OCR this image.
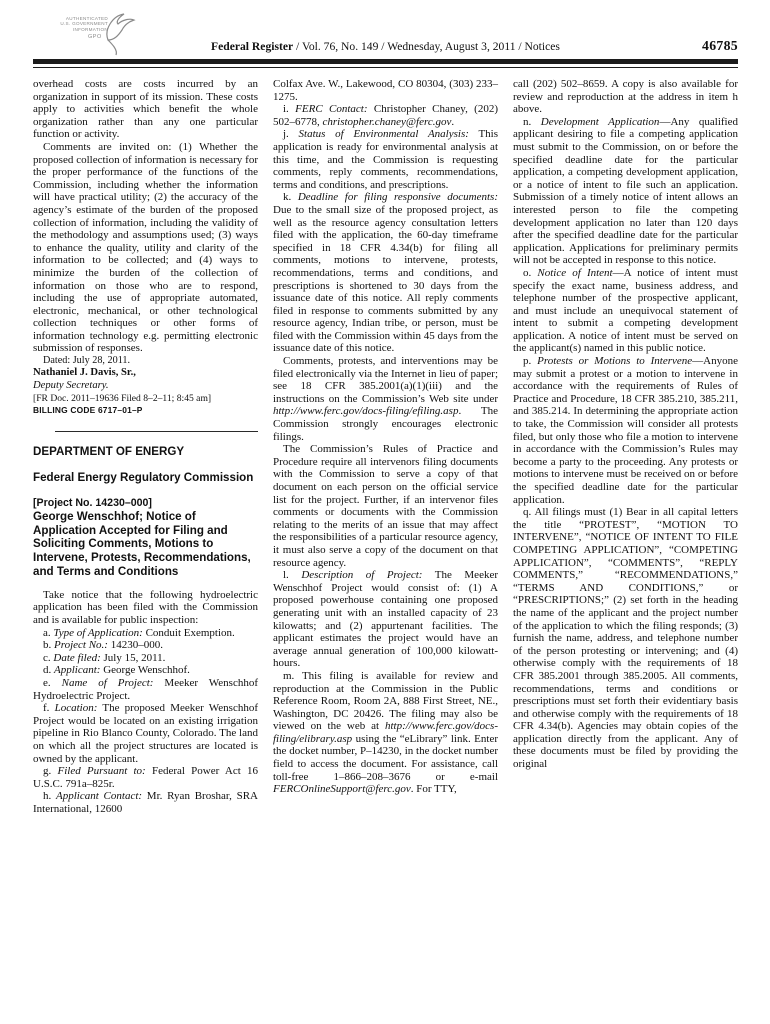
AUTHENTICATED
U.S. GOVERNMENT
INFORMATION
GPO
Federal Register / Vol. 76, No. 149 / Wednesday, August 3, 2011 / Notices	46785

overhead costs are costs incurred by an organization in support of its mission. These costs apply to activities which benefit the whole organization rather than any one particular function or activity.

Comments are invited on: (1) Whether the proposed collection of information is necessary for the proper performance of the functions of the Commission, including whether the information will have practical utility; (2) the accuracy of the agency’s estimate of the burden of the proposed collection of information, including the validity of the methodology and assumptions used; (3) ways to enhance the quality, utility and clarity of the information to be collected; and (4) ways to minimize the burden of the collection of information on those who are to respond, including the use of appropriate automated, electronic, mechanical, or other technological collection techniques or other forms of information technology e.g. permitting electronic submission of responses.

Dated: July 28, 2011.

Nathaniel J. Davis, Sr.,

Deputy Secretary.

[FR Doc. 2011–19636 Filed 8–2–11; 8:45 am]

BILLING CODE 6717–01–P

DEPARTMENT OF ENERGY
Federal Energy Regulatory Commission

[Project No. 14230–000]

George Wenschhof; Notice of Application Accepted for Filing and Soliciting Comments, Motions to Intervene, Protests, Recommendations, and Terms and Conditions

Take notice that the following hydroelectric application has been filed with the Commission and is available for public inspection:

a. Type of Application: Conduit Exemption.

b. Project No.: 14230–000.

c. Date filed: July 15, 2011.

d. Applicant: George Wenschhof.

e. Name of Project: Meeker Wenschhof Hydroelectric Project.

f. Location: The proposed Meeker Wenschhof Project would be located on an existing irrigation pipeline in Rio Blanco County, Colorado. The land on which all the project structures are located is owned by the applicant.

g. Filed Pursuant to: Federal Power Act 16 U.S.C. 791a–825r.

h. Applicant Contact: Mr. Ryan Broshar, SRA International, 12600

Colfax Ave. W., Lakewood, CO 80304, (303) 233–1275.

i. FERC Contact: Christopher Chaney, (202) 502–6778, christopher.chaney@ferc.gov.

j. Status of Environmental Analysis: This application is ready for environmental analysis at this time, and the Commission is requesting comments, reply comments, recommendations, terms and conditions, and prescriptions.

k. Deadline for filing responsive documents: Due to the small size of the proposed project, as well as the resource agency consultation letters filed with the application, the 60-day timeframe specified in 18 CFR 4.34(b) for filing all comments, motions to intervene, protests, recommendations, terms and conditions, and prescriptions is shortened to 30 days from the issuance date of this notice. All reply comments filed in response to comments submitted by any resource agency, Indian tribe, or person, must be filed with the Commission within 45 days from the issuance date of this notice.

Comments, protests, and interventions may be filed electronically via the Internet in lieu of paper; see 18 CFR 385.2001(a)(1)(iii) and the instructions on the Commission’s Web site under http://www.ferc.gov/docs-filing/efiling.asp. The Commission strongly encourages electronic filings.

The Commission’s Rules of Practice and Procedure require all intervenors filing documents with the Commission to serve a copy of that document on each person on the official service list for the project. Further, if an intervenor files comments or documents with the Commission relating to the merits of an issue that may affect the responsibilities of a particular resource agency, it must also serve a copy of the document on that resource agency.

l. Description of Project: The Meeker Wenschhof Project would consist of: (1) A proposed powerhouse containing one proposed generating unit with an installed capacity of 23 kilowatts; and (2) appurtenant facilities. The applicant estimates the project would have an average annual generation of 100,000 kilowatt-hours.

m. This filing is available for review and reproduction at the Commission in the Public Reference Room, Room 2A, 888 First Street, NE., Washington, DC 20426. The filing may also be viewed on the web at http://www.ferc.gov/docs-filing/elibrary.asp using the “eLibrary” link. Enter the docket number, P–14230, in the docket number field to access the document. For assistance, call toll-free 1–866–208–3676 or e-mail FERCOnlineSupport@ferc.gov. For TTY,

call (202) 502–8659. A copy is also available for review and reproduction at the address in item h above.

n. Development Application—Any qualified applicant desiring to file a competing application must submit to the Commission, on or before the specified deadline date for the particular application, a competing development application, or a notice of intent to file such an application. Submission of a timely notice of intent allows an interested person to file the competing development application no later than 120 days after the specified deadline date for the particular application. Applications for preliminary permits will not be accepted in response to this notice.

o. Notice of Intent—A notice of intent must specify the exact name, business address, and telephone number of the prospective applicant, and must include an unequivocal statement of intent to submit a competing development application. A notice of intent must be served on the applicant(s) named in this public notice.

p. Protests or Motions to Intervene—Anyone may submit a protest or a motion to intervene in accordance with the requirements of Rules of Practice and Procedure, 18 CFR 385.210, 385.211, and 385.214. In determining the appropriate action to take, the Commission will consider all protests filed, but only those who file a motion to intervene in accordance with the Commission’s Rules may become a party to the proceeding. Any protests or motions to intervene must be received on or before the specified deadline date for the particular application.

q. All filings must (1) Bear in all capital letters the title “PROTEST”, “MOTION TO INTERVENE”, “NOTICE OF INTENT TO FILE COMPETING APPLICATION”, “COMPETING APPLICATION”, “COMMENTS”, “REPLY COMMENTS,” “RECOMMENDATIONS,” “TERMS AND CONDITIONS,” or “PRESCRIPTIONS;” (2) set forth in the heading the name of the applicant and the project number of the application to which the filing responds; (3) furnish the name, address, and telephone number of the person protesting or intervening; and (4) otherwise comply with the requirements of 18 CFR 385.2001 through 385.2005. All comments, recommendations, terms and conditions or prescriptions must set forth their evidentiary basis and otherwise comply with the requirements of 18 CFR 4.34(b). Agencies may obtain copies of the application directly from the applicant. Any of these documents must be filed by providing the original
